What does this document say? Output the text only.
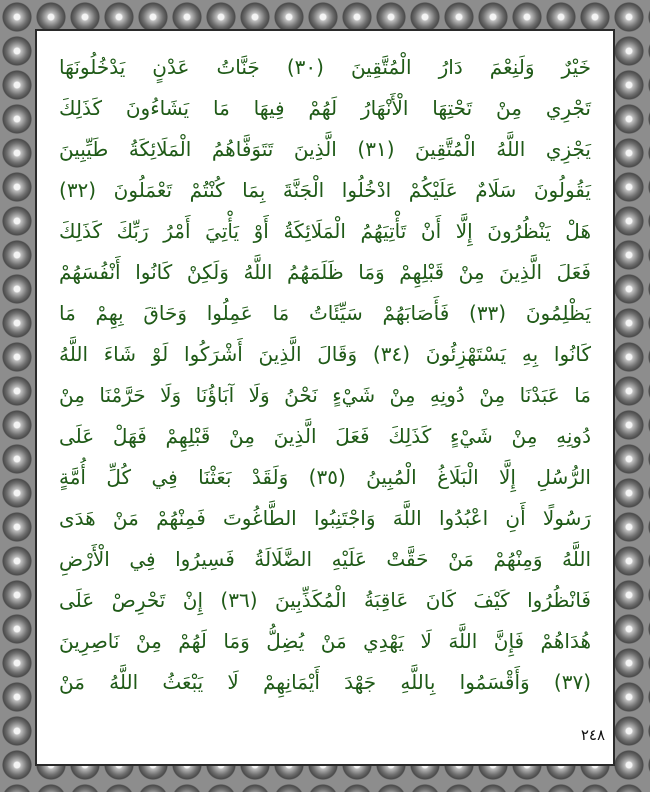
خَيْرٌ وَلَنِعْمَ دَارُ الْمُتَّقِينَ (٣٠) جَنَّاتُ عَدْنٍ يَدْخُلُونَهَا
تَجْرِي مِنْ تَحْتِهَا الْأَنْهَارُ لَهُمْ فِيهَا مَا يَشَاءُونَ كَذَلِكَ
يَجْزِي اللَّهُ الْمُتَّقِينَ (٣١) الَّذِينَ تَتَوَفَّاهُمُ الْمَلَائِكَةُ طَيِّبِينَ
يَقُولُونَ سَلَامٌ عَلَيْكُمْ ادْخُلُوا الْجَنَّةَ بِمَا كُنْتُمْ تَعْمَلُونَ (٣٢)
هَلْ يَنْظُرُونَ إِلَّا أَنْ تَأْتِيَهُمُ الْمَلَائِكَةُ أَوْ يَأْتِيَ أَمْرُ رَبِّكَ كَذَلِكَ
فَعَلَ الَّذِينَ مِنْ قَبْلِهِمْ وَمَا ظَلَمَهُمُ اللَّهُ وَلَكِنْ كَانُوا أَنْفُسَهُمْ
يَظْلِمُونَ (٣٣) فَأَصَابَهُمْ سَيِّئَاتُ مَا عَمِلُوا وَحَاقَ بِهِمْ مَا
كَانُوا بِهِ يَسْتَهْزِئُونَ (٣٤) وَقَالَ الَّذِينَ أَشْرَكُوا لَوْ شَاءَ اللَّهُ
مَا عَبَدْنَا مِنْ دُونِهِ مِنْ شَيْءٍ نَحْنُ وَلَا آبَاؤُنَا وَلَا حَرَّمْنَا مِنْ
دُونِهِ مِنْ شَيْءٍ كَذَلِكَ فَعَلَ الَّذِينَ مِنْ قَبْلِهِمْ فَهَلْ عَلَى
الرُّسُلِ إِلَّا الْبَلَاغُ الْمُبِينُ (٣٥) وَلَقَدْ بَعَثْنَا فِي كُلِّ أُمَّةٍ
رَسُولًا أَنِ اعْبُدُوا اللَّهَ وَاجْتَنِبُوا الطَّاغُوتَ فَمِنْهُمْ مَنْ هَدَى
اللَّهُ وَمِنْهُمْ مَنْ حَقَّتْ عَلَيْهِ الضَّلَالَةُ فَسِيرُوا فِي الْأَرْضِ
فَانْظُرُوا كَيْفَ كَانَ عَاقِبَةُ الْمُكَذِّبِينَ (٣٦) إِنْ تَحْرِصْ عَلَى
هُدَاهُمْ فَإِنَّ اللَّهَ لَا يَهْدِي مَنْ يُضِلُّ وَمَا لَهُمْ مِنْ نَاصِرِينَ
(٣٧) وَأَقْسَمُوا بِاللَّهِ جَهْدَ أَيْمَانِهِمْ لَا يَبْعَثُ اللَّهُ مَنْ
٢٤٨
